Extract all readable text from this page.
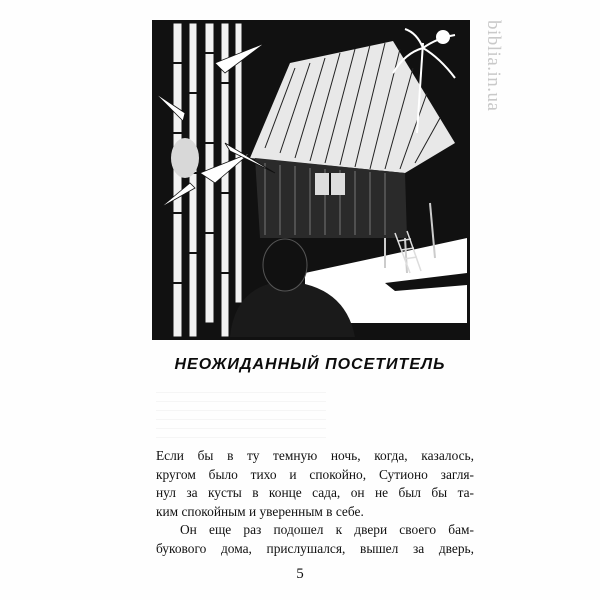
biblia.in.ua
НЕОЖИДАННЫЙ ПОСЕТИТЕЛЬ
Если бы в ту темную ночь, когда, казалось,
кругом было тихо и спокойно, Сутионо загля-
нул за кусты в конце сада, он не был бы та-
ким спокойным и уверенным в себе.
Он еще раз подошел к двери своего бам-
букового дома, прислушался, вышел за дверь,
5
